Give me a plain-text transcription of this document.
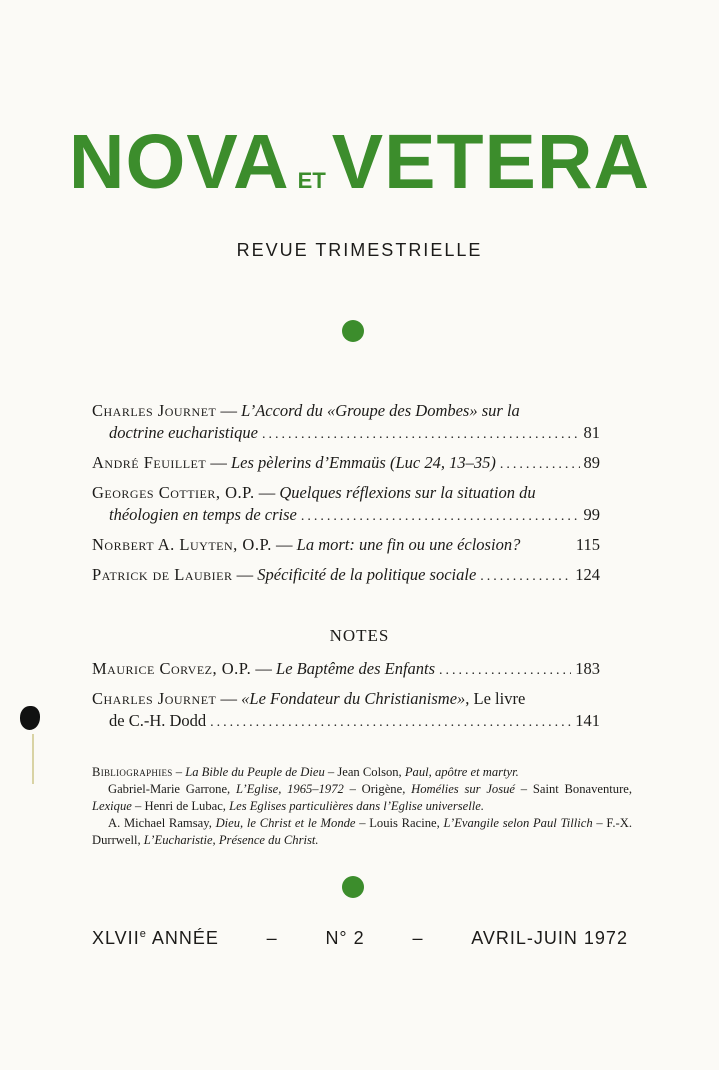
NOVA ETVETERA
REVUE TRIMESTRIELLE
Charles Journet — L’Accord du «Groupe des Dombes» sur la
doctrine eucharistique .....	81
André Feuillet — Les pèlerins d’Emmaüs (Luc 24, 13–35) .....	89
Georges Cottier, O.P. — Quelques réflexions sur la situation du
théologien en temps de crise .....	99
Norbert A. Luyten, O.P. — La mort: une fin ou une éclosion?	115
Patrick de Laubier — Spécificité de la politique sociale .....	124
NOTES
Maurice Corvez, O.P. — Le Baptême des Enfants .....	183
Charles Journet — «Le Fondateur du Christianisme», Le livre
de C.-H. Dodd .....	141

Bibliographies – La Bible du Peuple de Dieu – Jean Colson, Paul, apôtre et martyr.

Gabriel-Marie Garrone, L’Eglise, 1965–1972 – Origène, Homélies sur Josué – Saint Bonaventure, Lexique – Henri de Lubac, Les Eglises particulières dans l’Eglise universelle.

A. Michael Ramsay, Dieu, le Christ et le Monde – Louis Racine, L’Evangile selon Paul Tillich – F.-X. Durrwell, L’Eucharistie, Présence du Christ.

XLVIIe ANNÉE	–	N° 2	–	AVRIL-JUIN 1972
